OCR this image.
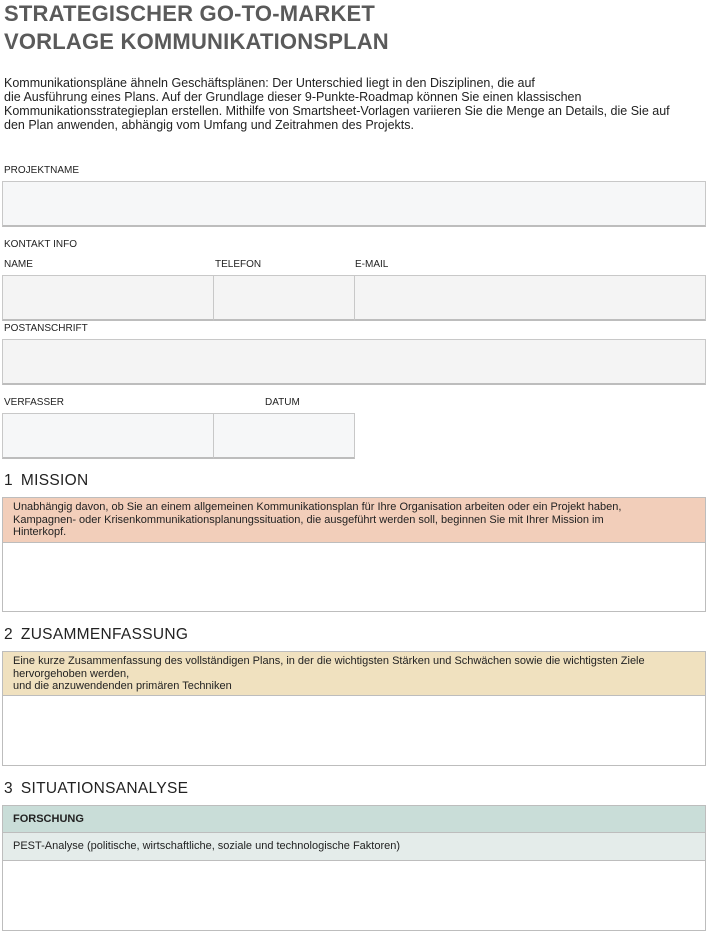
STRATEGISCHER GO-TO-MARKET
VORLAGE KOMMUNIKATIONSPLAN

Kommunikationspläne ähneln Geschäftsplänen: Der Unterschied liegt in den Disziplinen, die auf
die Ausführung eines Plans. Auf der Grundlage dieser 9-Punkte-Roadmap können Sie einen klassischen
Kommunikationsstrategieplan erstellen. Mithilfe von Smartsheet-Vorlagen variieren Sie die Menge an Details, die Sie auf
den Plan anwenden, abhängig vom Umfang und Zeitrahmen des Projekts.

PROJEKTNAME
KONTAKT INFO
NAME	TELEFON	E-MAIL
POSTANSCHRIFT
VERFASSER	DATUM
1 MISSION
Unabhängig davon, ob Sie an einem allgemeinen Kommunikationsplan für Ihre Organisation arbeiten oder ein Projekt haben,
Kampagnen- oder Krisenkommunikationsplanungssituation, die ausgeführt werden soll, beginnen Sie mit Ihrer Mission im
Hinterkopf.
2 ZUSAMMENFASSUNG
Eine kurze Zusammenfassung des vollständigen Plans, in der die wichtigsten Stärken und Schwächen sowie die wichtigsten Ziele
hervorgehoben werden,
und die anzuwendenden primären Techniken
3 SITUATIONSANALYSE
FORSCHUNG
PEST-Analyse (politische, wirtschaftliche, soziale und technologische Faktoren)
